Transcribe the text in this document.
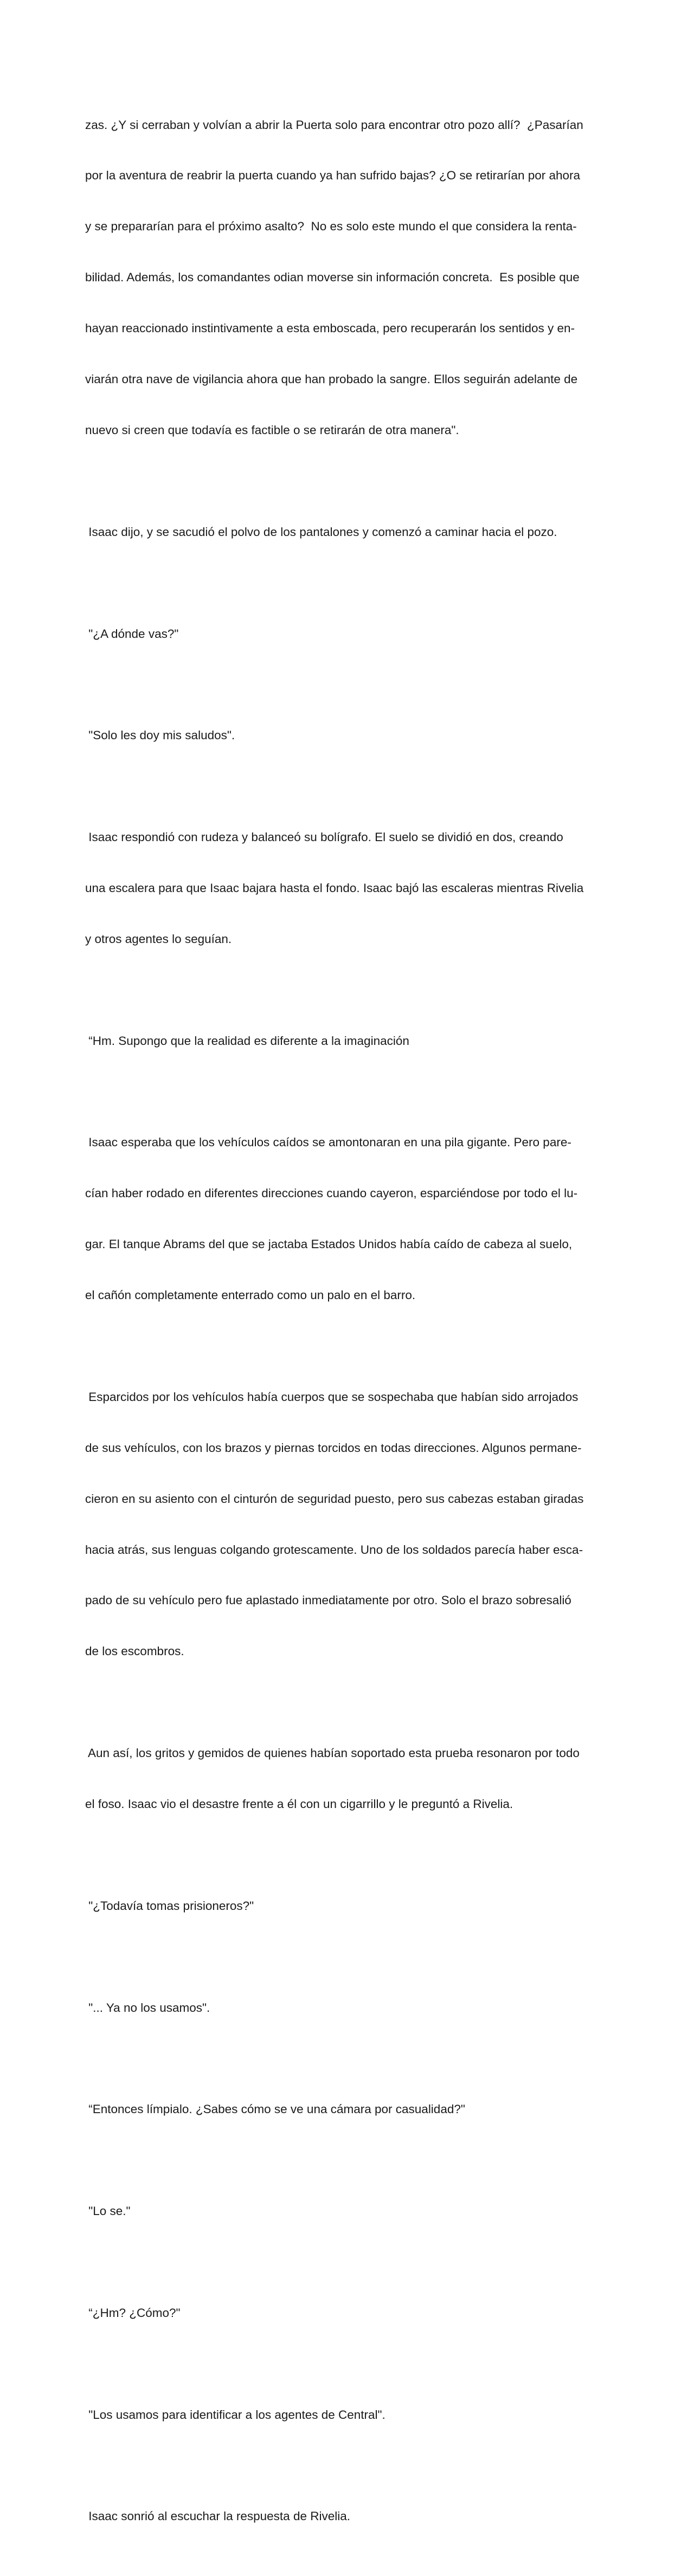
zas. ¿Y si cerraban y volvían a abrir la Puerta solo para encontrar otro pozo allí?  ¿Pasarían

por la aventura de reabrir la puerta cuando ya han sufrido bajas? ¿O se retirarían por ahora

y se prepararían para el próximo asalto?  No es solo este mundo el que considera la renta-

bilidad. Además, los comandantes odian moverse sin información concreta.  Es posible que

hayan reaccionado instintivamente a esta emboscada, pero recuperarán los sentidos y en-

viarán otra nave de vigilancia ahora que han probado la sangre. Ellos seguirán adelante de

nuevo si creen que todavía es factible o se retirarán de otra manera".

Isaac dijo, y se sacudió el polvo de los pantalones y comenzó a caminar hacia el pozo.

"¿A dónde vas?"

"Solo les doy mis saludos".

Isaac respondió con rudeza y balanceó su bolígrafo. El suelo se dividió en dos, creando

una escalera para que Isaac bajara hasta el fondo. Isaac bajó las escaleras mientras Rivelia

y otros agentes lo seguían.

“Hm. Supongo que la realidad es diferente a la imaginación

Isaac esperaba que los vehículos caídos se amontonaran en una pila gigante. Pero pare-

cían haber rodado en diferentes direcciones cuando cayeron, esparciéndose por todo el lu-

gar. El tanque Abrams del que se jactaba Estados Unidos había caído de cabeza al suelo,

el cañón completamente enterrado como un palo en el barro.

Esparcidos por los vehículos había cuerpos que se sospechaba que habían sido arrojados

de sus vehículos, con los brazos y piernas torcidos en todas direcciones. Algunos permane-

cieron en su asiento con el cinturón de seguridad puesto, pero sus cabezas estaban giradas

hacia atrás, sus lenguas colgando grotescamente. Uno de los soldados parecía haber esca-

pado de su vehículo pero fue aplastado inmediatamente por otro. Solo el brazo sobresalió

de los escombros.

Aun así, los gritos y gemidos de quienes habían soportado esta prueba resonaron por todo

el foso. Isaac vio el desastre frente a él con un cigarrillo y le preguntó a Rivelia.

"¿Todavía tomas prisioneros?"

"... Ya no los usamos".

“Entonces límpialo. ¿Sabes cómo se ve una cámara por casualidad?"

"Lo se."

“¿Hm? ¿Cómo?"

"Los usamos para identificar a los agentes de Central".

Isaac sonrió al escuchar la respuesta de Rivelia.
